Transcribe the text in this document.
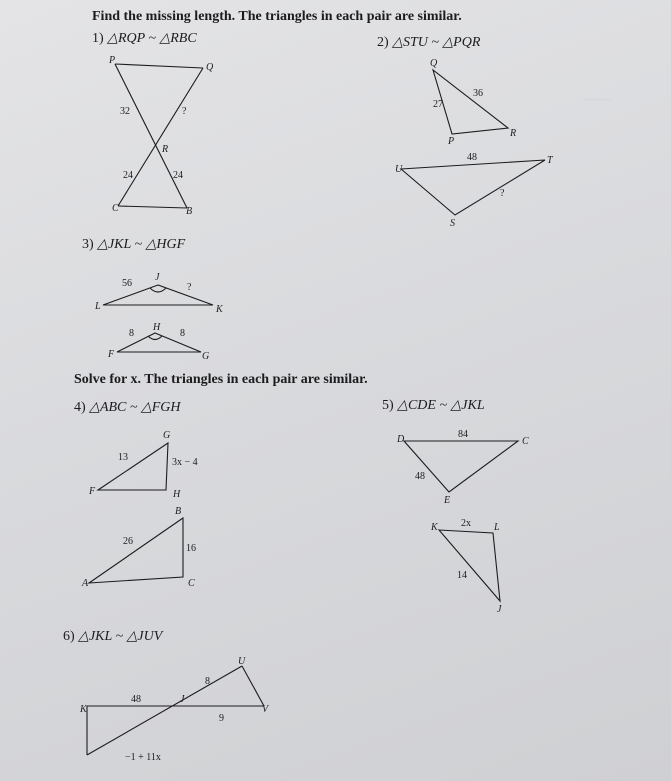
~~~~~
Find the missing length. The triangles in each pair are similar.
1) △RQP ~ △RBC	2) △STU ~ △PQR
3) △JKL ~ △HGF
Solve for x. The triangles in each pair are similar.
4) △ABC ~ △FGH	5) △CDE ~ △JKL
6) △JKL ~ △JUV
P
Q
R
C	B
32	?
24	24
Q
P
R
U
T
S
27
36
48
?
J
L	K
H
F	G
56	?
8	8
G
F	H
B
A	C
13	3x − 4
26
16
D	C
E
K	L
J
84
48
2x
14
K
J
U
V
48
8
9
−1 + 11x
